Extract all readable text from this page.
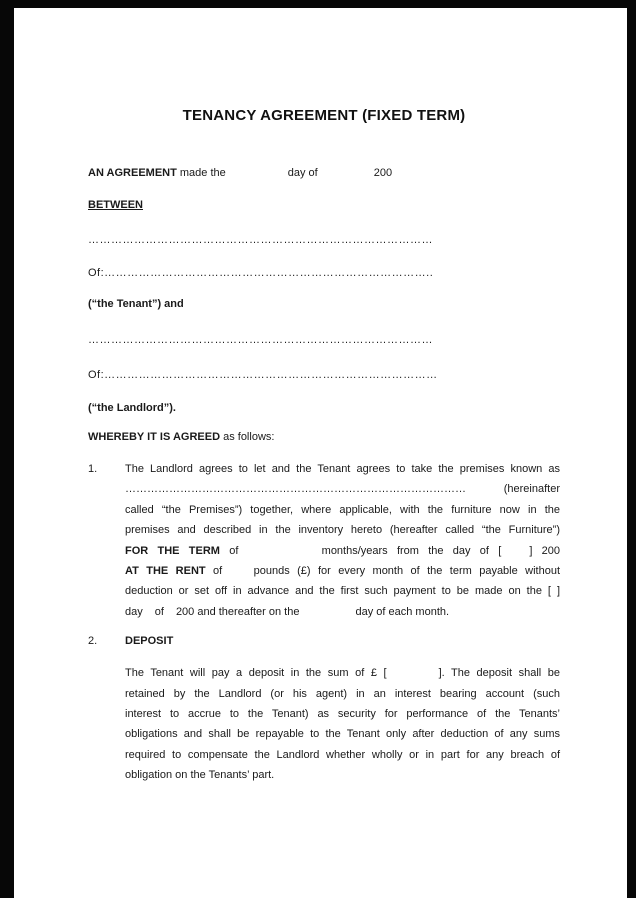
TENANCY AGREEMENT (FIXED TERM)
AN AGREEMENT made the	day of	200
BETWEEN
………………………………………………………………………………
Of:…………………………………………………………………………..
(“the Tenant”) and
………………………………………………………………………………
Of:……………………………………………………………………………
(“the Landlord”).
WHEREBY IT IS AGREED as follows:
1.	The Landlord agrees to let and the Tenant agrees to take the premises known as
…………………………………………………………………………………	(hereinafter
called “the Premises”) together, where applicable, with the furniture now in the
premises and described in the inventory hereto (hereafter called “the Furniture”)
FOR THE TERM of	months/years from the day of [	] 200
AT THE RENT of pounds (£) for every month of the term payable without
deduction or set off in advance and the first such payment to be made on the [ ]
day of 200 and thereafter on the	day of each month.
2.	DEPOSIT
The Tenant will pay a deposit in the sum of £ [	]. The deposit shall be
retained by the Landlord (or his agent) in an interest bearing account (such
interest to accrue to the Tenant) as security for performance of the Tenants’
obligations and shall be repayable to the Tenant only after deduction of any sums
required to compensate the Landlord whether wholly or in part for any breach of
obligation on the Tenants’ part.
